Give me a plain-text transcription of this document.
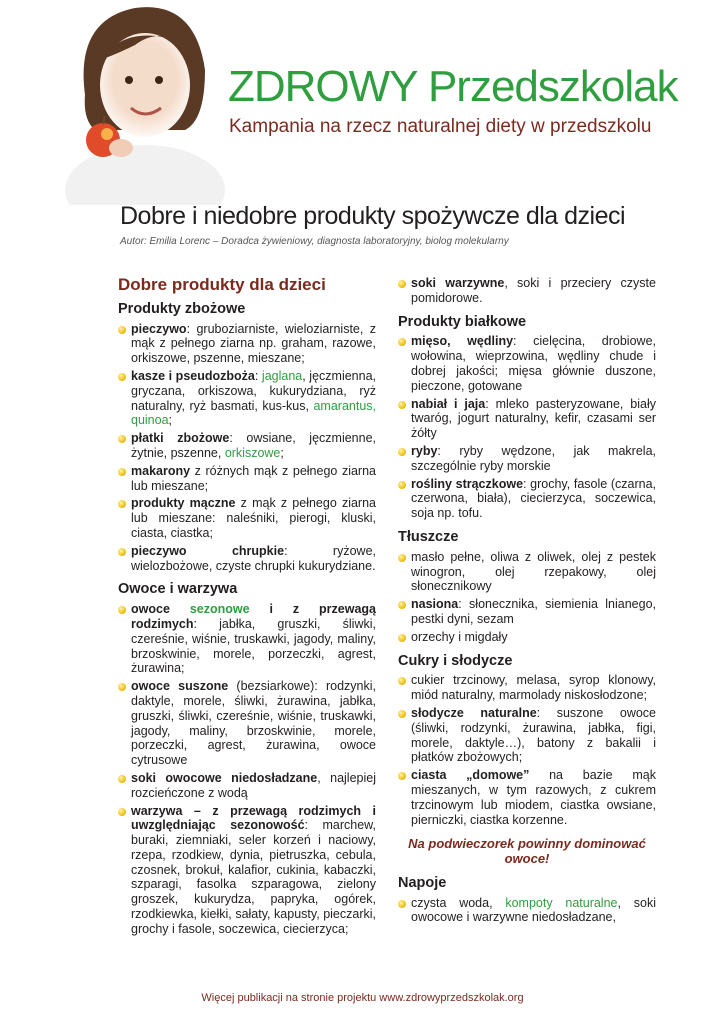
ZDROWY Przedszkolak

Kampania na rzecz naturalnej diety w przedszkolu

Dobre i niedobre produkty spożywcze dla dzieci

Autor: Emilia Lorenc – Doradca żywieniowy, diagnosta laboratoryjny, biolog molekularny

Dobre produkty dla dzieci
Produkty zbożowe
pieczywo: gruboziarniste, wieloziarniste, z mąk z pełnego ziarna np. graham, razowe, orkiszowe, pszenne, mieszane;
kasze i pseudozboża: jaglana, jęczmienna, gryczana, orkiszowa, kukurydziana, ryż naturalny, ryż basmati, kus-kus, amarantus, quinoa;
płatki zbożowe: owsiane, jęczmienne, żytnie, pszenne, orkiszowe;
makarony z różnych mąk z pełnego ziarna lub mieszane;
produkty mączne z mąk z pełnego ziarna lub mieszane: naleśniki, pierogi, kluski, ciasta, ciastka;
pieczywo chrupkie: ryżowe, wielozbożowe, czyste chrupki kukurydziane.
Owoce i warzywa
owoce sezonowe i z przewagą rodzimych: jabłka, gruszki, śliwki, czereśnie, wiśnie, truskawki, jagody, maliny, brzoskwinie, morele, porzeczki, agrest, żurawina;
owoce suszone (bezsiarkowe): rodzynki, daktyle, morele, śliwki, żurawina, jabłka, gruszki, śliwki, czereśnie, wiśnie, truskawki, jagody, maliny, brzoskwinie, morele, porzeczki, agrest, żurawina, owoce cytrusowe
soki owocowe niedosładzane, najlepiej rozcieńczone z wodą
warzywa – z przewagą rodzimych i uwzględniając sezonowość: marchew, buraki, ziemniaki, seler korzeń i naciowy, rzepa, rzodkiew, dynia, pietruszka, cebula, czosnek, brokuł, kalafior, cukinia, kabaczki, szparagi, fasolka szparagowa, zielony groszek, kukurydza, papryka, ogórek, rzodkiewka, kiełki, sałaty, kapusty, pieczarki, grochy i fasole, soczewica, ciecierzyca;
soki warzywne, soki i przeciery czyste pomidorowe.
Produkty białkowe
mięso, wędliny: cielęcina, drobiowe, wołowina, wieprzowina, wędliny chude i dobrej jakości; mięsa głównie duszone, pieczone, gotowane
nabiał i jaja: mleko pasteryzowane, biały twaróg, jogurt naturalny, kefir, czasami ser żółty
ryby: ryby wędzone, jak makrela, szczególnie ryby morskie
rośliny strączkowe: grochy, fasole (czarna, czerwona, biała), ciecierzyca, soczewica, soja np. tofu.
Tłuszcze
masło pełne, oliwa z oliwek, olej z pestek winogron, olej rzepakowy, olej słonecznikowy
nasiona: słonecznika, siemienia lnianego, pestki dyni, sezam
orzechy i migdały
Cukry i słodycze
cukier trzcinowy, melasa, syrop klonowy, miód naturalny, marmolady niskosłodzone;
słodycze naturalne: suszone owoce (śliwki, rodzynki, żurawina, jabłka, figi, morele, daktyle…), batony z bakalii i płatków zbożowych;
ciasta „domowe” na bazie mąk mieszanych, w tym razowych, z cukrem trzcinowym lub miodem, ciastka owsiane, pierniczki, ciastka korzenne.
Na podwieczorek powinny dominować owoce!
Napoje
czysta woda, kompoty naturalne, soki owocowe i warzywne niedosładzane,

Więcej publikacji na stronie projektu www.zdrowyprzedszkolak.org
